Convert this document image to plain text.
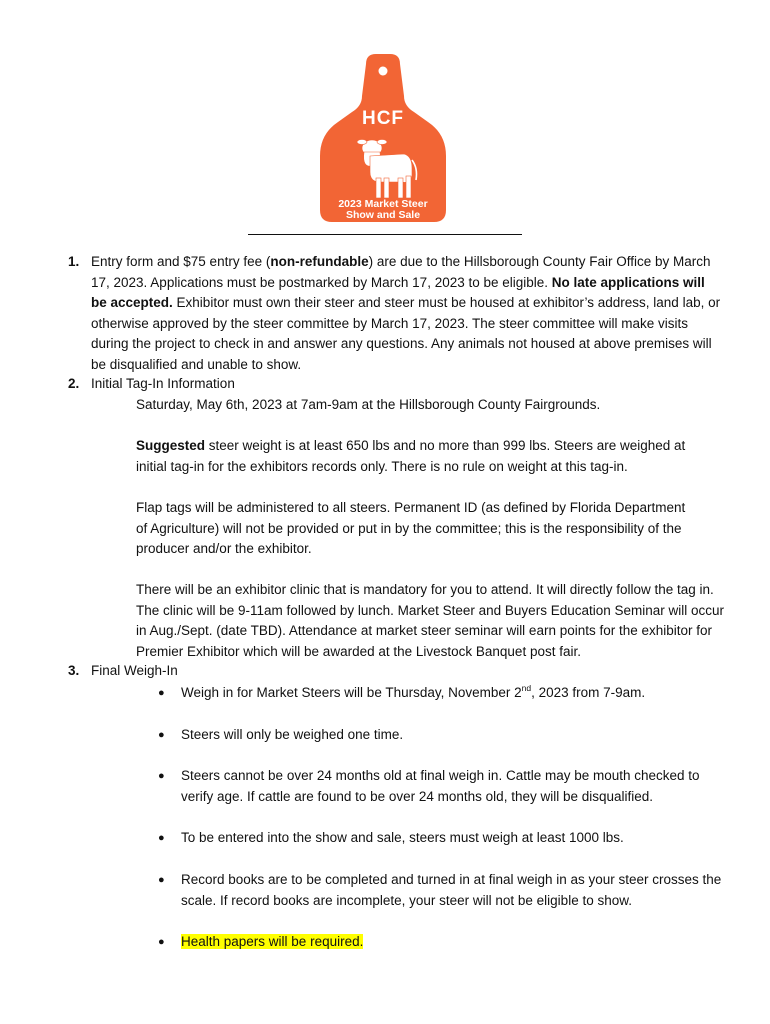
HCF
2023 Market Steer
Show and Sale
1. Entry form and $75 entry fee (non-refundable) are due to the Hillsborough County Fair Office by March 17, 2023. Applications must be postmarked by March 17, 2023 to be eligible. No late applications will be accepted. Exhibitor must own their steer and steer must be housed at exhibitor’s address, land lab, or otherwise approved by the steer committee by March 17, 2023. The steer committee will make visits during the project to check in and answer any questions. Any animals not housed at above premises will be disqualified and unable to show.

2. Initial Tag-In Information

Saturday, May 6th, 2023 at 7am-9am at the Hillsborough County Fairgrounds.

Suggested steer weight is at least 650 lbs and no more than 999 lbs. Steers are weighed at initial tag-in for the exhibitors records only. There is no rule on weight at this tag-in.

Flap tags will be administered to all steers. Permanent ID (as defined by Florida Department of Agriculture) will not be provided or put in by the committee; this is the responsibility of the producer and/or the exhibitor.

There will be an exhibitor clinic that is mandatory for you to attend. It will directly follow the tag in. The clinic will be 9-11am followed by lunch. Market Steer and Buyers Education Seminar will occur in Aug./Sept. (date TBD). Attendance at market steer seminar will earn points for the exhibitor for Premier Exhibitor which will be awarded at the Livestock Banquet post fair.

3. Final Weigh-In

● Weigh in for Market Steers will be Thursday, November 2nd, 2023 from 7-9am.

● Steers will only be weighed one time.

● Steers cannot be over 24 months old at final weigh in. Cattle may be mouth checked to verify age. If cattle are found to be over 24 months old, they will be disqualified.

● To be entered into the show and sale, steers must weigh at least 1000 lbs.

● Record books are to be completed and turned in at final weigh in as your steer crosses the scale. If record books are incomplete, your steer will not be eligible to show.

● Health papers will be required.
